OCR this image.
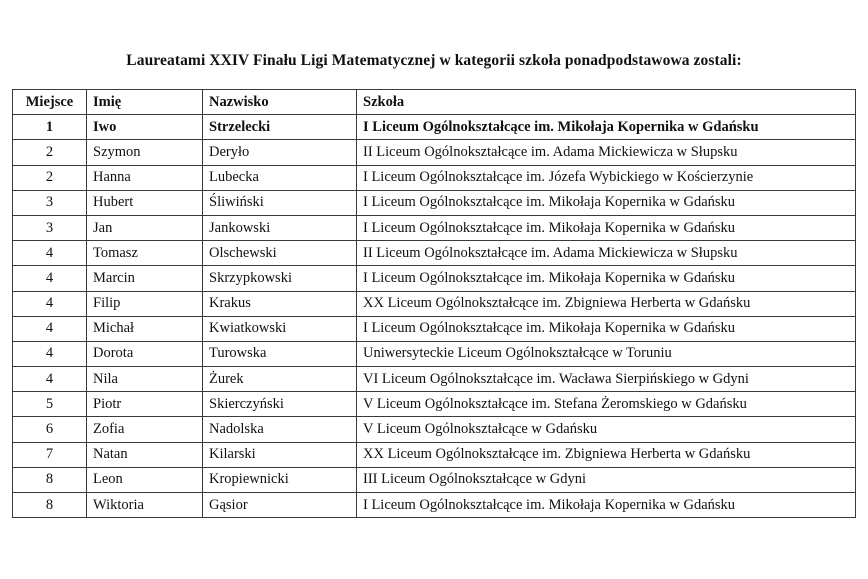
Laureatami XXIV Finału Ligi Matematycznej w kategorii szkoła ponadpodstawowa zostali:
Miejsce	Imię	Nazwisko	Szkoła
1	Iwo	Strzelecki	I Liceum Ogólnokształcące im. Mikołaja Kopernika w Gdańsku
2	Szymon	Deryło	II Liceum Ogólnokształcące im. Adama Mickiewicza w Słupsku
2	Hanna	Lubecka	I Liceum Ogólnokształcące im. Józefa Wybickiego w Kościerzynie
3	Hubert	Śliwiński	I Liceum Ogólnokształcące im. Mikołaja Kopernika w Gdańsku
3	Jan	Jankowski	I Liceum Ogólnokształcące im. Mikołaja Kopernika w Gdańsku
4	Tomasz	Olschewski	II Liceum Ogólnokształcące im. Adama Mickiewicza w Słupsku
4	Marcin	Skrzypkowski	I Liceum Ogólnokształcące im. Mikołaja Kopernika w Gdańsku
4	Filip	Krakus	XX Liceum Ogólnokształcące im. Zbigniewa Herberta w Gdańsku
4	Michał	Kwiatkowski	I Liceum Ogólnokształcące im. Mikołaja Kopernika w Gdańsku
4	Dorota	Turowska	Uniwersyteckie Liceum Ogólnokształcące w Toruniu
4	Nila	Żurek	VI Liceum Ogólnokształcące im. Wacława Sierpińskiego w Gdyni
5	Piotr	Skierczyński	V Liceum Ogólnokształcące im. Stefana Żeromskiego w Gdańsku
6	Zofia	Nadolska	V Liceum Ogólnokształcące w Gdańsku
7	Natan	Kilarski	XX Liceum Ogólnokształcące im. Zbigniewa Herberta w Gdańsku
8	Leon	Kropiewnicki	III Liceum Ogólnokształcące w Gdyni
8	Wiktoria	Gąsior	I Liceum Ogólnokształcące im. Mikołaja Kopernika w Gdańsku
